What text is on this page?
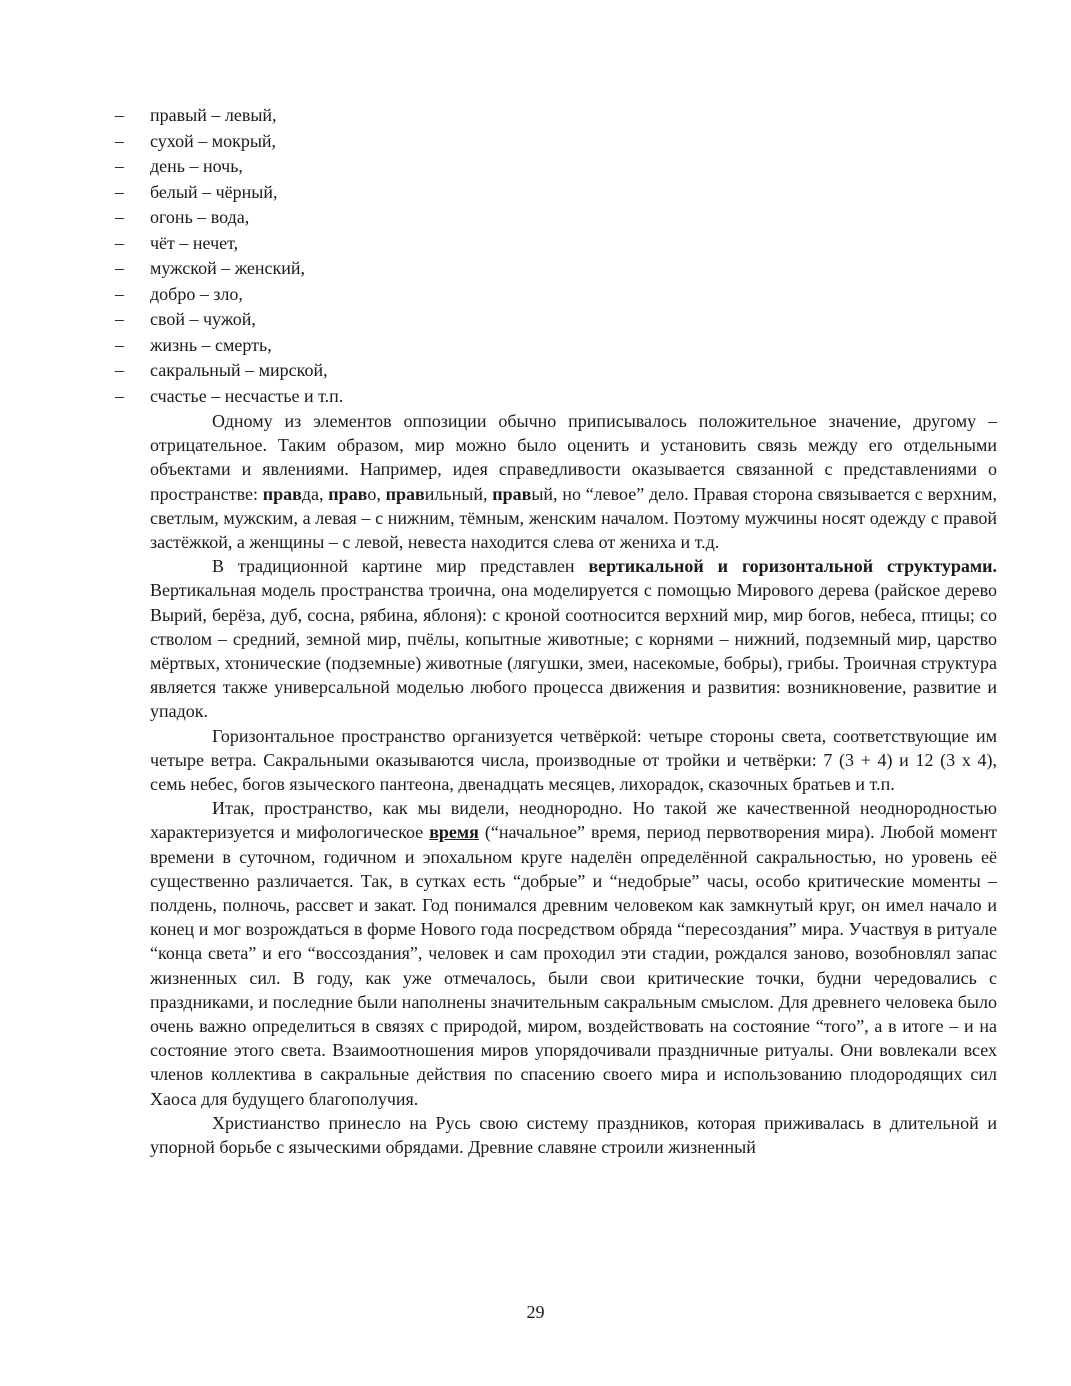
– правый – левый,
– сухой – мокрый,
– день – ночь,
– белый – чёрный,
– огонь – вода,
– чёт – нечет,
– мужской – женский,
– добро – зло,
– свой – чужой,
– жизнь – смерть,
– сакральный – мирской,
– счастье – несчастье и т.п.

Одному из элементов оппозиции обычно приписывалось положительное значение, другому – отрицательное. Таким образом, мир можно было оценить и установить связь между его отдельными объектами и явлениями. Например, идея справедливости оказывается связанной с представлениями о пространстве: правда, право, правильный, правый, но “левое” дело. Правая сторона связывается с верхним, светлым, мужским, а левая – с нижним, тёмным, женским началом. Поэтому мужчины носят одежду с правой застёжкой, а женщины – с левой, невеста находится слева от жениха и т.д.

В традиционной картине мир представлен вертикальной и горизонтальной структурами. Вертикальная модель пространства троична, она моделируется с помощью Мирового дерева (райское дерево Вырий, берёза, дуб, сосна, рябина, яблоня): с кроной соотносится верхний мир, мир богов, небеса, птицы; со стволом – средний, земной мир, пчёлы, копытные животные; с корнями – нижний, подземный мир, царство мёртвых, хтонические (подземные) животные (лягушки, змеи, насекомые, бобры), грибы. Троичная структура является также универсальной моделью любого процесса движения и развития: возникновение, развитие и упадок.

Горизонтальное пространство организуется четвёркой: четыре стороны света, соответствующие им четыре ветра. Сакральными оказываются числа, производные от тройки и четвёрки: 7 (3 + 4) и 12 (3 х 4), семь небес, богов языческого пантеона, двенадцать месяцев, лихорадок, сказочных братьев и т.п.

Итак, пространство, как мы видели, неоднородно. Но такой же качественной неоднородностью характеризуется и мифологическое время (“начальное” время, период первотворения мира). Любой момент времени в суточном, годичном и эпохальном круге наделён определённой сакральностью, но уровень её существенно различается. Так, в сутках есть “добрые” и “недобрые” часы, особо критические моменты – полдень, полночь, рассвет и закат. Год понимался древним человеком как замкнутый круг, он имел начало и конец и мог возрождаться в форме Нового года посредством обряда “пересоздания” мира. Участвуя в ритуале “конца света” и его “воссоздания”, человек и сам проходил эти стадии, рождался заново, возобновлял запас жизненных сил. В году, как уже отмечалось, были свои критические точки, будни чередовались с праздниками, и последние были наполнены значительным сакральным смыслом. Для древнего человека было очень важно определиться в связях с природой, миром, воздействовать на состояние “того”, а в итоге – и на состояние этого света. Взаимоотношения миров упорядочивали праздничные ритуалы. Они вовлекали всех членов коллектива в сакральные действия по спасению своего мира и использованию плодородящих сил Хаоса для будущего благополучия.

Христианство принесло на Русь свою систему праздников, которая приживалась в длительной и упорной борьбе с языческими обрядами. Древние славяне строили жизненный

29
